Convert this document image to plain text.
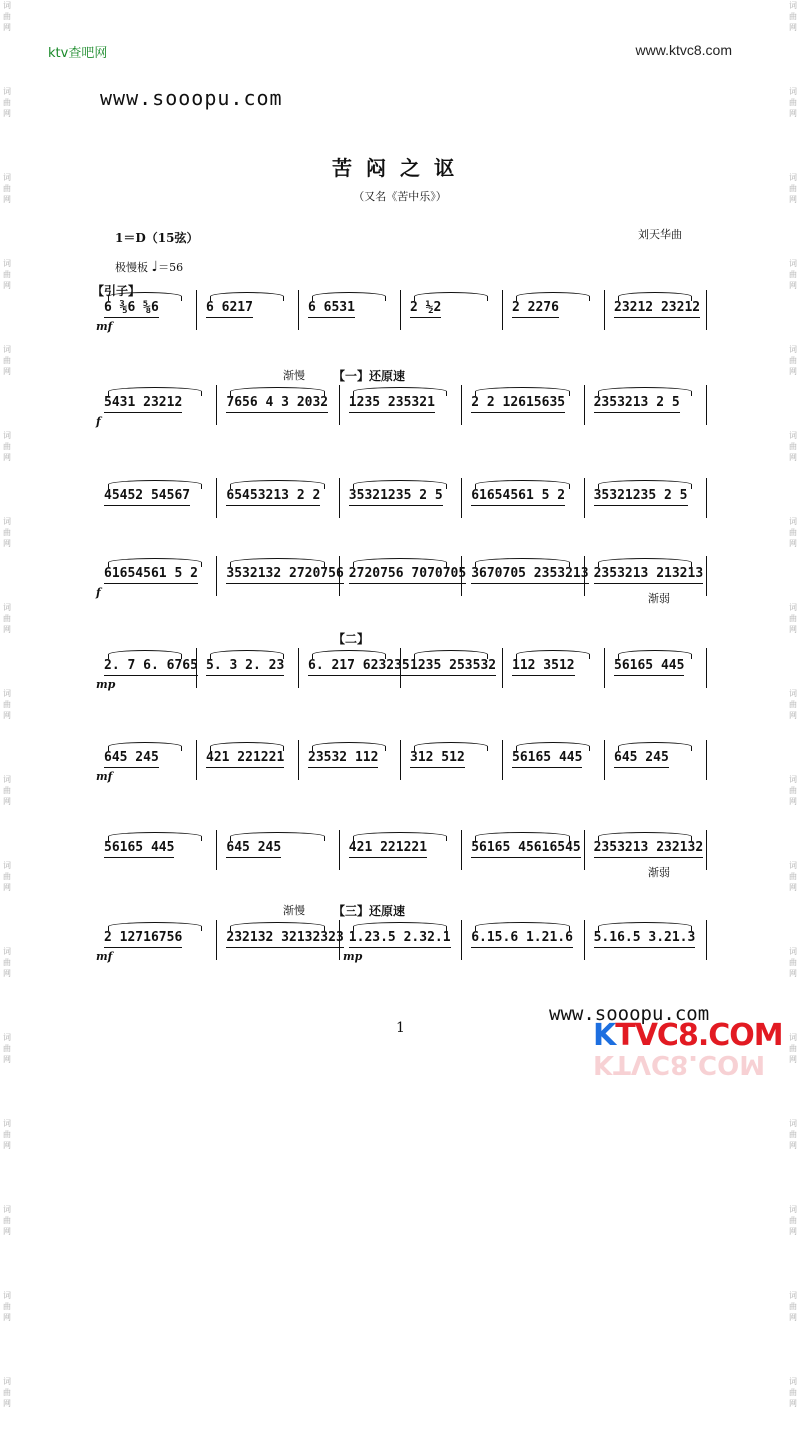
词
曲
网
词
曲
网
词
曲
网
词
曲
网
词
曲
网
词
曲
网
词
曲
网
词
曲
网
词
曲
网
词
曲
网
词
曲
网
词
曲
网
词
曲
网
词
曲
网
词
曲
网
词
曲
网
词
曲
网
词
曲
网
词
曲
网
词
曲
网
词
曲
网
词
曲
网
词
曲
网
词
曲
网
词
曲
网
词
曲
网
词
曲
网
词
曲
网
词
曲
网
词
曲
网
词
曲
网
词
曲
网
词
曲
网
词
曲
网
ktv查吧网	www.ktvc8.com
www.sooopu.com
苦闷之讴
（又名《苦中乐》）
1＝D（15弦）	刘天华曲
极慢板 ♩＝56
6 ⅗6 ⅝6	6 6217	6 6531	2 ½2	2 2276	23212 23212
mf
【引子】
5431 23212	7656 4 3 2032 1235 235321	2 2 12615635 2353213 2 5
f
【一】还原速
渐慢
45452 54567	65453213 2 2 35321235 2 5 61654561 5 2 35321235 2 5
61654561 5 2 3532132 2720756 2720756 7070705 3670705 2353213 2353213 213213
f	渐弱
2. 7 6. 6765 5. 3 2. 23 6. 217 623235 1235 253532 112 3512	56165 445
mp
【二】
645 245	421 221221 23532 112 312 512	56165 445 645 245
mf
56165 445	645 245	421 221221	56165 45616545 2353213 232132
渐弱
2 12716756	232132 32132323 1.23.5 2.32.1 6.15.6 1.21.6 5.16.5 3.21.3
mf	mp
【三】还原速
渐慢
1
www.sooopu.com
KTVC8.COM
KTVC8.COM
